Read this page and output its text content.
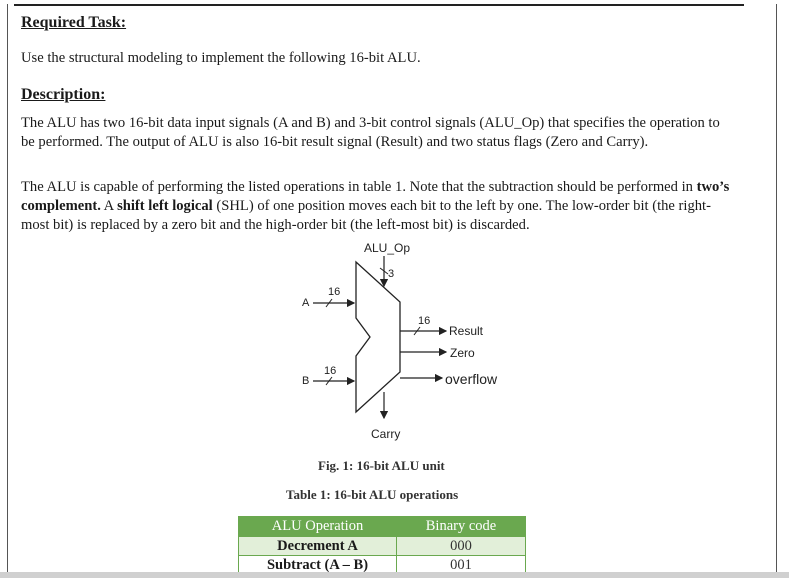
Required Task:

Use the structural modeling to implement the following 16-bit ALU.

Description:

The ALU has two 16-bit data input signals (A and B) and 3-bit control signals (ALU_Op) that specifies the operation to be performed. The output of ALU is also 16-bit result signal (Result) and two status flags (Zero and Carry).

The ALU is capable of performing the listed operations in table 1. Note that the subtraction should be performed in two’s complement. A shift left logical (SHL) of one position moves each bit to the left by one. The low-order bit (the right-most bit) is replaced by a zero bit and the high-order bit (the left-most bit) is discarded.

ALU_Op
3
A
16
B
16
16
Result
Zero
overflow
Carry

Fig. 1: 16-bit ALU unit

Table 1: 16-bit ALU operations

ALU Operation	Binary code
Decrement A	000
Subtract (A – B)	001
